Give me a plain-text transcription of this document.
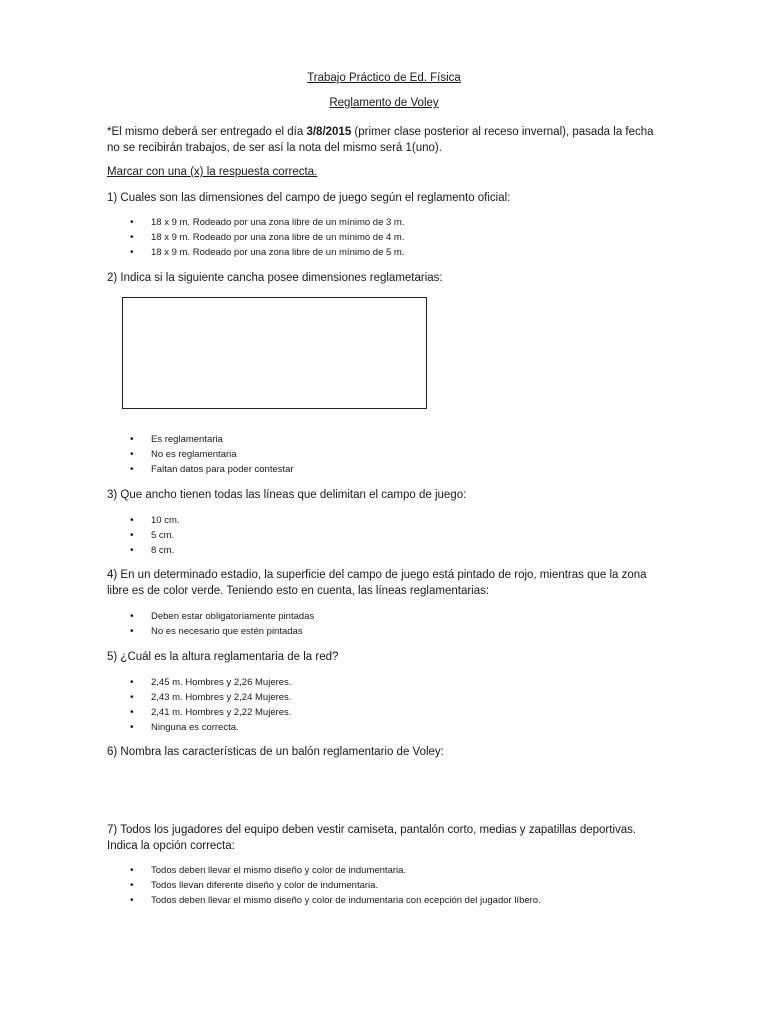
Trabajo Práctico de Ed. Física
Reglamento de Voley
*El mismo deberá ser entregado el día 3/8/2015 (primer clase posterior al receso invernal), pasada la fecha no se recibirán trabajos, de ser así la nota del mismo será 1(uno).
Marcar con una (x) la respuesta correcta.
1) Cuales son las dimensiones del campo de juego según el reglamento oficial:
• 18 x 9 m. Rodeado por una zona libre de un mínimo de 3 m.
• 18 x 9 m. Rodeado por una zona libre de un mínimo de 4 m.
• 18 x 9 m. Rodeado por una zona libre de un mínimo de 5 m.
2) Indica si la siguiente cancha posee dimensiones reglametarias:
• Es reglamentaria
• No es reglamentaria
• Faltan datos para poder contestar
3) Que ancho tienen todas las líneas que delimitan el campo de juego:
• 10 cm.
• 5 cm.
• 8 cm.
4) En un determinado estadio, la superficie del campo de juego está pintado de rojo, mientras que la zona libre es de color verde. Teniendo esto en cuenta, las líneas reglamentarias:
• Deben estar obligatoriamente pintadas
• No es necesario que estén pintadas
5) ¿Cuál es la altura reglamentaria de la red?
• 2,45 m. Hombres y 2,26 Mujeres.
• 2,43 m. Hombres y 2,24 Mujeres.
• 2,41 m. Hombres y 2,22 Mujeres.
• Ninguna es correcta.
6) Nombra las características de un balón reglamentario de Voley:
7) Todos los jugadores del equipo deben vestir camiseta, pantalón corto, medias y zapatillas deportivas. Indica la opción correcta:
• Todos deben llevar el mismo diseño y color de indumentaria.
• Todos llevan diferente diseño y color de indumentaria.
• Todos deben llevar el mismo diseño y color de indumentaria con ecepción del jugador líbero.
